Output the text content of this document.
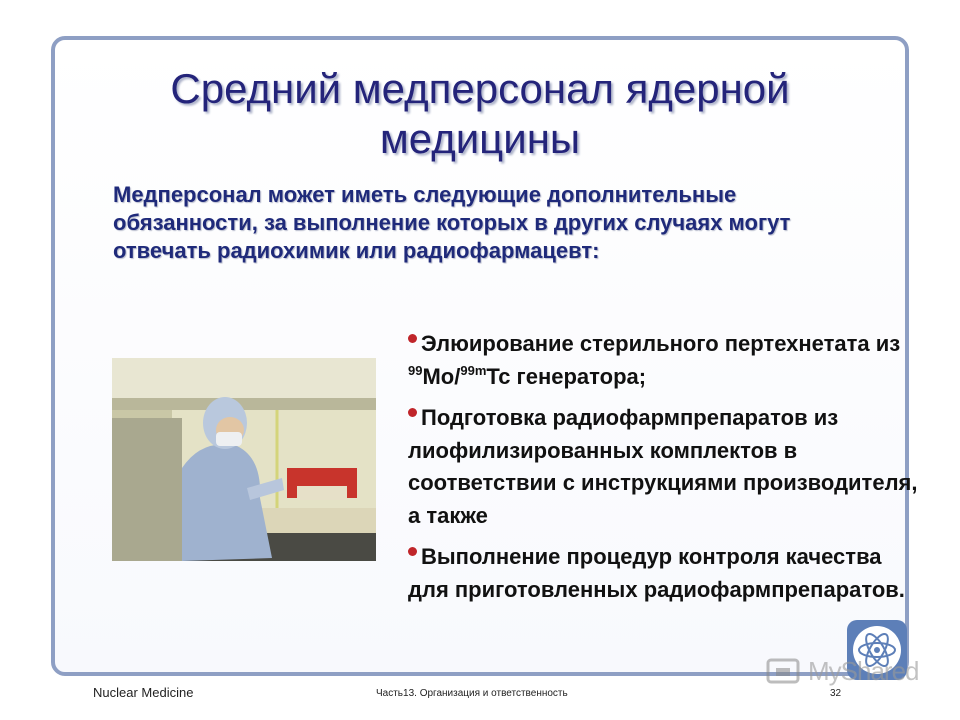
Средний медперсонал ядерной медицины

Медперсонал может иметь следующие дополнительные обязанности, за выполнение которых в других случаях могут отвечать радиохимик или радиофармацевт:

Элюирование стерильного пертехнетата из $^{99}$Mo/$^{99m}$Tc генератора;
Подготовка радиофармпрепаратов из лиофилизированных комплектов в соответствии с инструкциями производителя, а также
Выполнение процедур контроля качества для приготовленных радиофармпрепаратов.
MyShared
Nuclear Medicine	Часть13. Организация и ответственность	32
